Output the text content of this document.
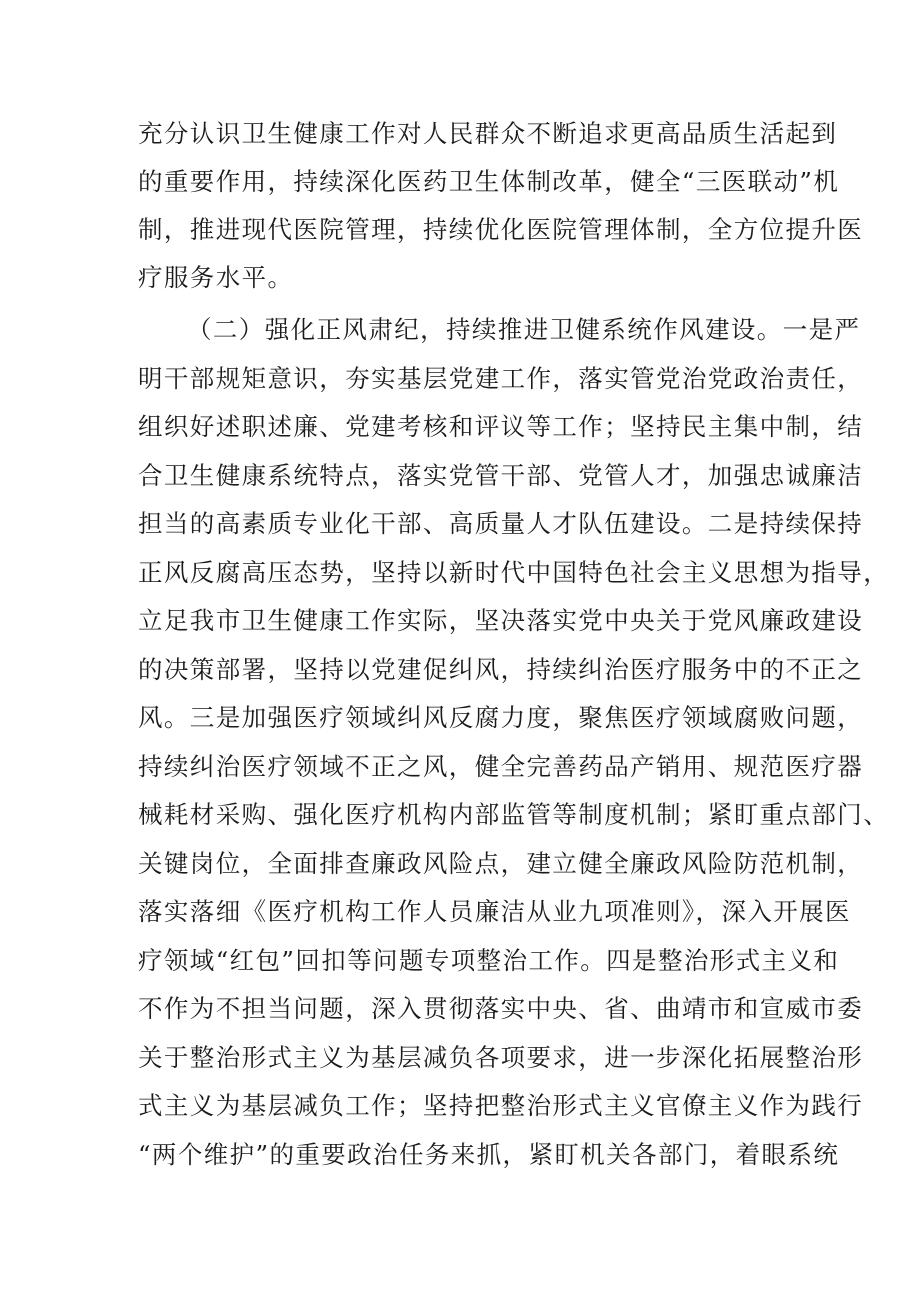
充分认识卫生健康工作对人民群众不断追求更高品质生活起到
的重要作用，持续深化医药卫生体制改革，健全“三医联动”机
制，推进现代医院管理，持续优化医院管理体制，全方位提升医
疗服务水平。
（二）强化正风肃纪，持续推进卫健系统作风建设。一是严
明干部规矩意识，夯实基层党建工作，落实管党治党政治责任，
组织好述职述廉、党建考核和评议等工作；坚持民主集中制，结
合卫生健康系统特点，落实党管干部、党管人才，加强忠诚廉洁
担当的高素质专业化干部、高质量人才队伍建设。二是持续保持
正风反腐高压态势，坚持以新时代中国特色社会主义思想为指导，
立足我市卫生健康工作实际，坚决落实党中央关于党风廉政建设
的决策部署，坚持以党建促纠风，持续纠治医疗服务中的不正之
风。三是加强医疗领域纠风反腐力度，聚焦医疗领域腐败问题，
持续纠治医疗领域不正之风，健全完善药品产销用、规范医疗器
械耗材采购、强化医疗机构内部监管等制度机制；紧盯重点部门、
关键岗位，全面排查廉政风险点，建立健全廉政风险防范机制，
落实落细《医疗机构工作人员廉洁从业九项准则》，深入开展医
疗领域“红包”回扣等问题专项整治工作。四是整治形式主义和
不作为不担当问题，深入贯彻落实中央、省、曲靖市和宣威市委
关于整治形式主义为基层减负各项要求，进一步深化拓展整治形
式主义为基层减负工作；坚持把整治形式主义官僚主义作为践行
“两个维护”的重要政治任务来抓，紧盯机关各部门，着眼系统
